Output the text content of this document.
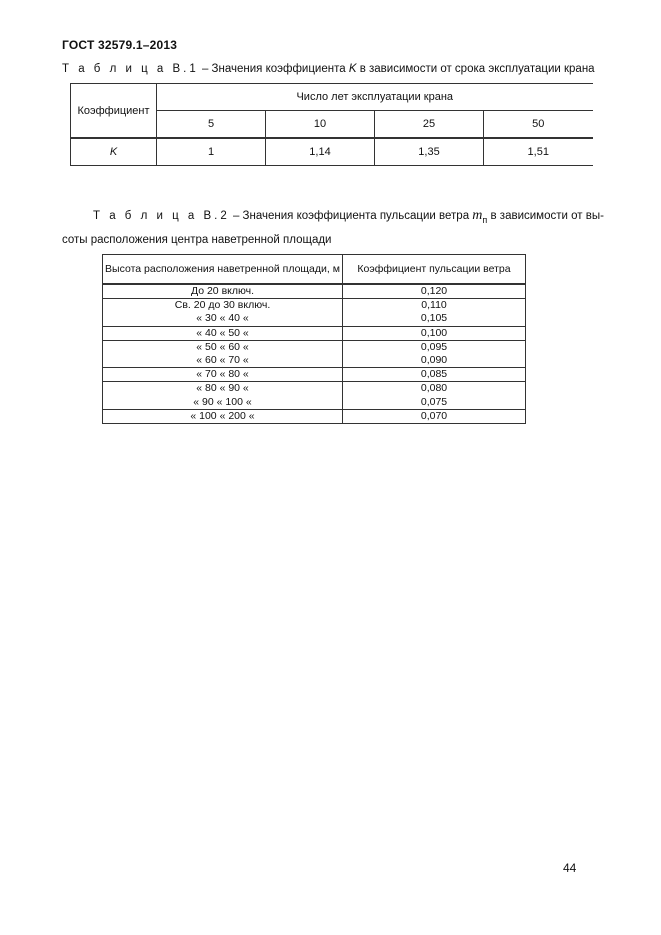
ГОСТ 32579.1–2013
Т а б л и ц а В.1 – Значения коэффициента K в зависимости от срока эксплуатации крана
Коэффициент	Число лет эксплуатации крана			
	5	10	25	50
K	1	1,14	1,35	1,51
Т а б л и ц а В.2 – Значения коэффициента пульсации ветра $m_п$ в зависимости от вы-
соты расположения центра наветренной площади
Высота расположения наветренной площади, м	Коэффициент пульсации ветра
До 20 включ.	0,120
Св. 20 до 30 включ.	0,110
« 30 « 40 «	0,105
« 40 « 50 «	0,100
« 50 « 60 «	0,095
« 60 « 70 «	0,090
« 70 « 80 «	0,085
« 80 « 90 «	0,080
« 90 « 100 «	0,075
« 100 « 200 «	0,070
44
